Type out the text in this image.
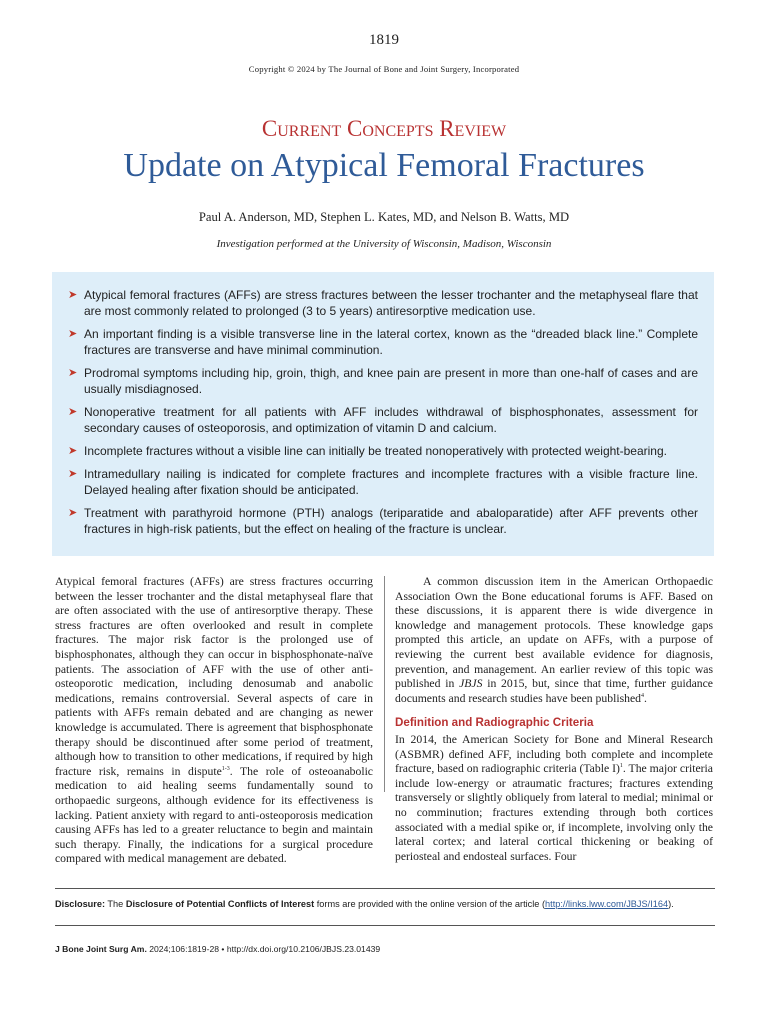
1819
Copyright © 2024 by The Journal of Bone and Joint Surgery, Incorporated
Current Concepts Review
Update on Atypical Femoral Fractures
Paul A. Anderson, MD, Stephen L. Kates, MD, and Nelson B. Watts, MD
Investigation performed at the University of Wisconsin, Madison, Wisconsin
➤ Atypical femoral fractures (AFFs) are stress fractures between the lesser trochanter and the metaphyseal flare that are most commonly related to prolonged (3 to 5 years) antiresorptive medication use.
➤ An important finding is a visible transverse line in the lateral cortex, known as the “dreaded black line.” Complete fractures are transverse and have minimal comminution.
➤ Prodromal symptoms including hip, groin, thigh, and knee pain are present in more than one-half of cases and are usually misdiagnosed.
➤ Nonoperative treatment for all patients with AFF includes withdrawal of bisphosphonates, assessment for secondary causes of osteoporosis, and optimization of vitamin D and calcium.
➤ Incomplete fractures without a visible line can initially be treated nonoperatively with protected weight-bearing.
➤ Intramedullary nailing is indicated for complete fractures and incomplete fractures with a visible fracture line. Delayed healing after fixation should be anticipated.
➤ Treatment with parathyroid hormone (PTH) analogs (teriparatide and abaloparatide) after AFF prevents other fractures in high-risk patients, but the effect on healing of the fracture is unclear.

Atypical femoral fractures (AFFs) are stress fractures occurring between the lesser trochanter and the distal metaphyseal flare that are often associated with the use of antiresorptive therapy. These stress fractures are often overlooked and result in complete fractures. The major risk factor is the prolonged use of bisphosphonates, although they can occur in bisphosphonate-naïve patients. The association of AFF with the use of other anti-osteoporotic medication, including denosumab and anabolic medications, remains controversial. Several aspects of care in patients with AFFs remain debated and are changing as newer knowledge is accumulated. There is agreement that bisphosphonate therapy should be discontinued after some period of treatment, although how to transition to other medications, if required by high fracture risk, remains in dispute$^{1-3}$. The role of osteoanabolic medication to aid healing seems fundamentally sound to orthopaedic surgeons, although evidence for its effectiveness is lacking. Patient anxiety with regard to anti-osteoporosis medication causing AFFs has led to a greater reluctance to begin and maintain such therapy. Finally, the indications for a surgical procedure compared with medical management are debated.

A common discussion item in the American Orthopaedic Association Own the Bone educational forums is AFF. Based on these discussions, it is apparent there is wide divergence in knowledge and management protocols. These knowledge gaps prompted this article, an update on AFFs, with a purpose of reviewing the current best available evidence for diagnosis, prevention, and management. An earlier review of this topic was published in JBJS in 2015, but, since that time, further guidance documents and research studies have been published$^4$.

Definition and Radiographic Criteria

In 2014, the American Society for Bone and Mineral Research (ASBMR) defined AFF, including both complete and incomplete fracture, based on radiographic criteria (Table I)$^1$. The major criteria include low-energy or atraumatic fractures; fractures extending transversely or slightly obliquely from lateral to medial; minimal or no comminution; fractures extending through both cortices associated with a medial spike or, if incomplete, involving only the lateral cortex; and lateral cortical thickening or beaking of periosteal and endosteal surfaces. Four

Disclosure: The Disclosure of Potential Conflicts of Interest forms are provided with the online version of the article (http://links.lww.com/JBJS/I164).
J Bone Joint Surg Am. 2024;106:1819-28 • http://dx.doi.org/10.2106/JBJS.23.01439
